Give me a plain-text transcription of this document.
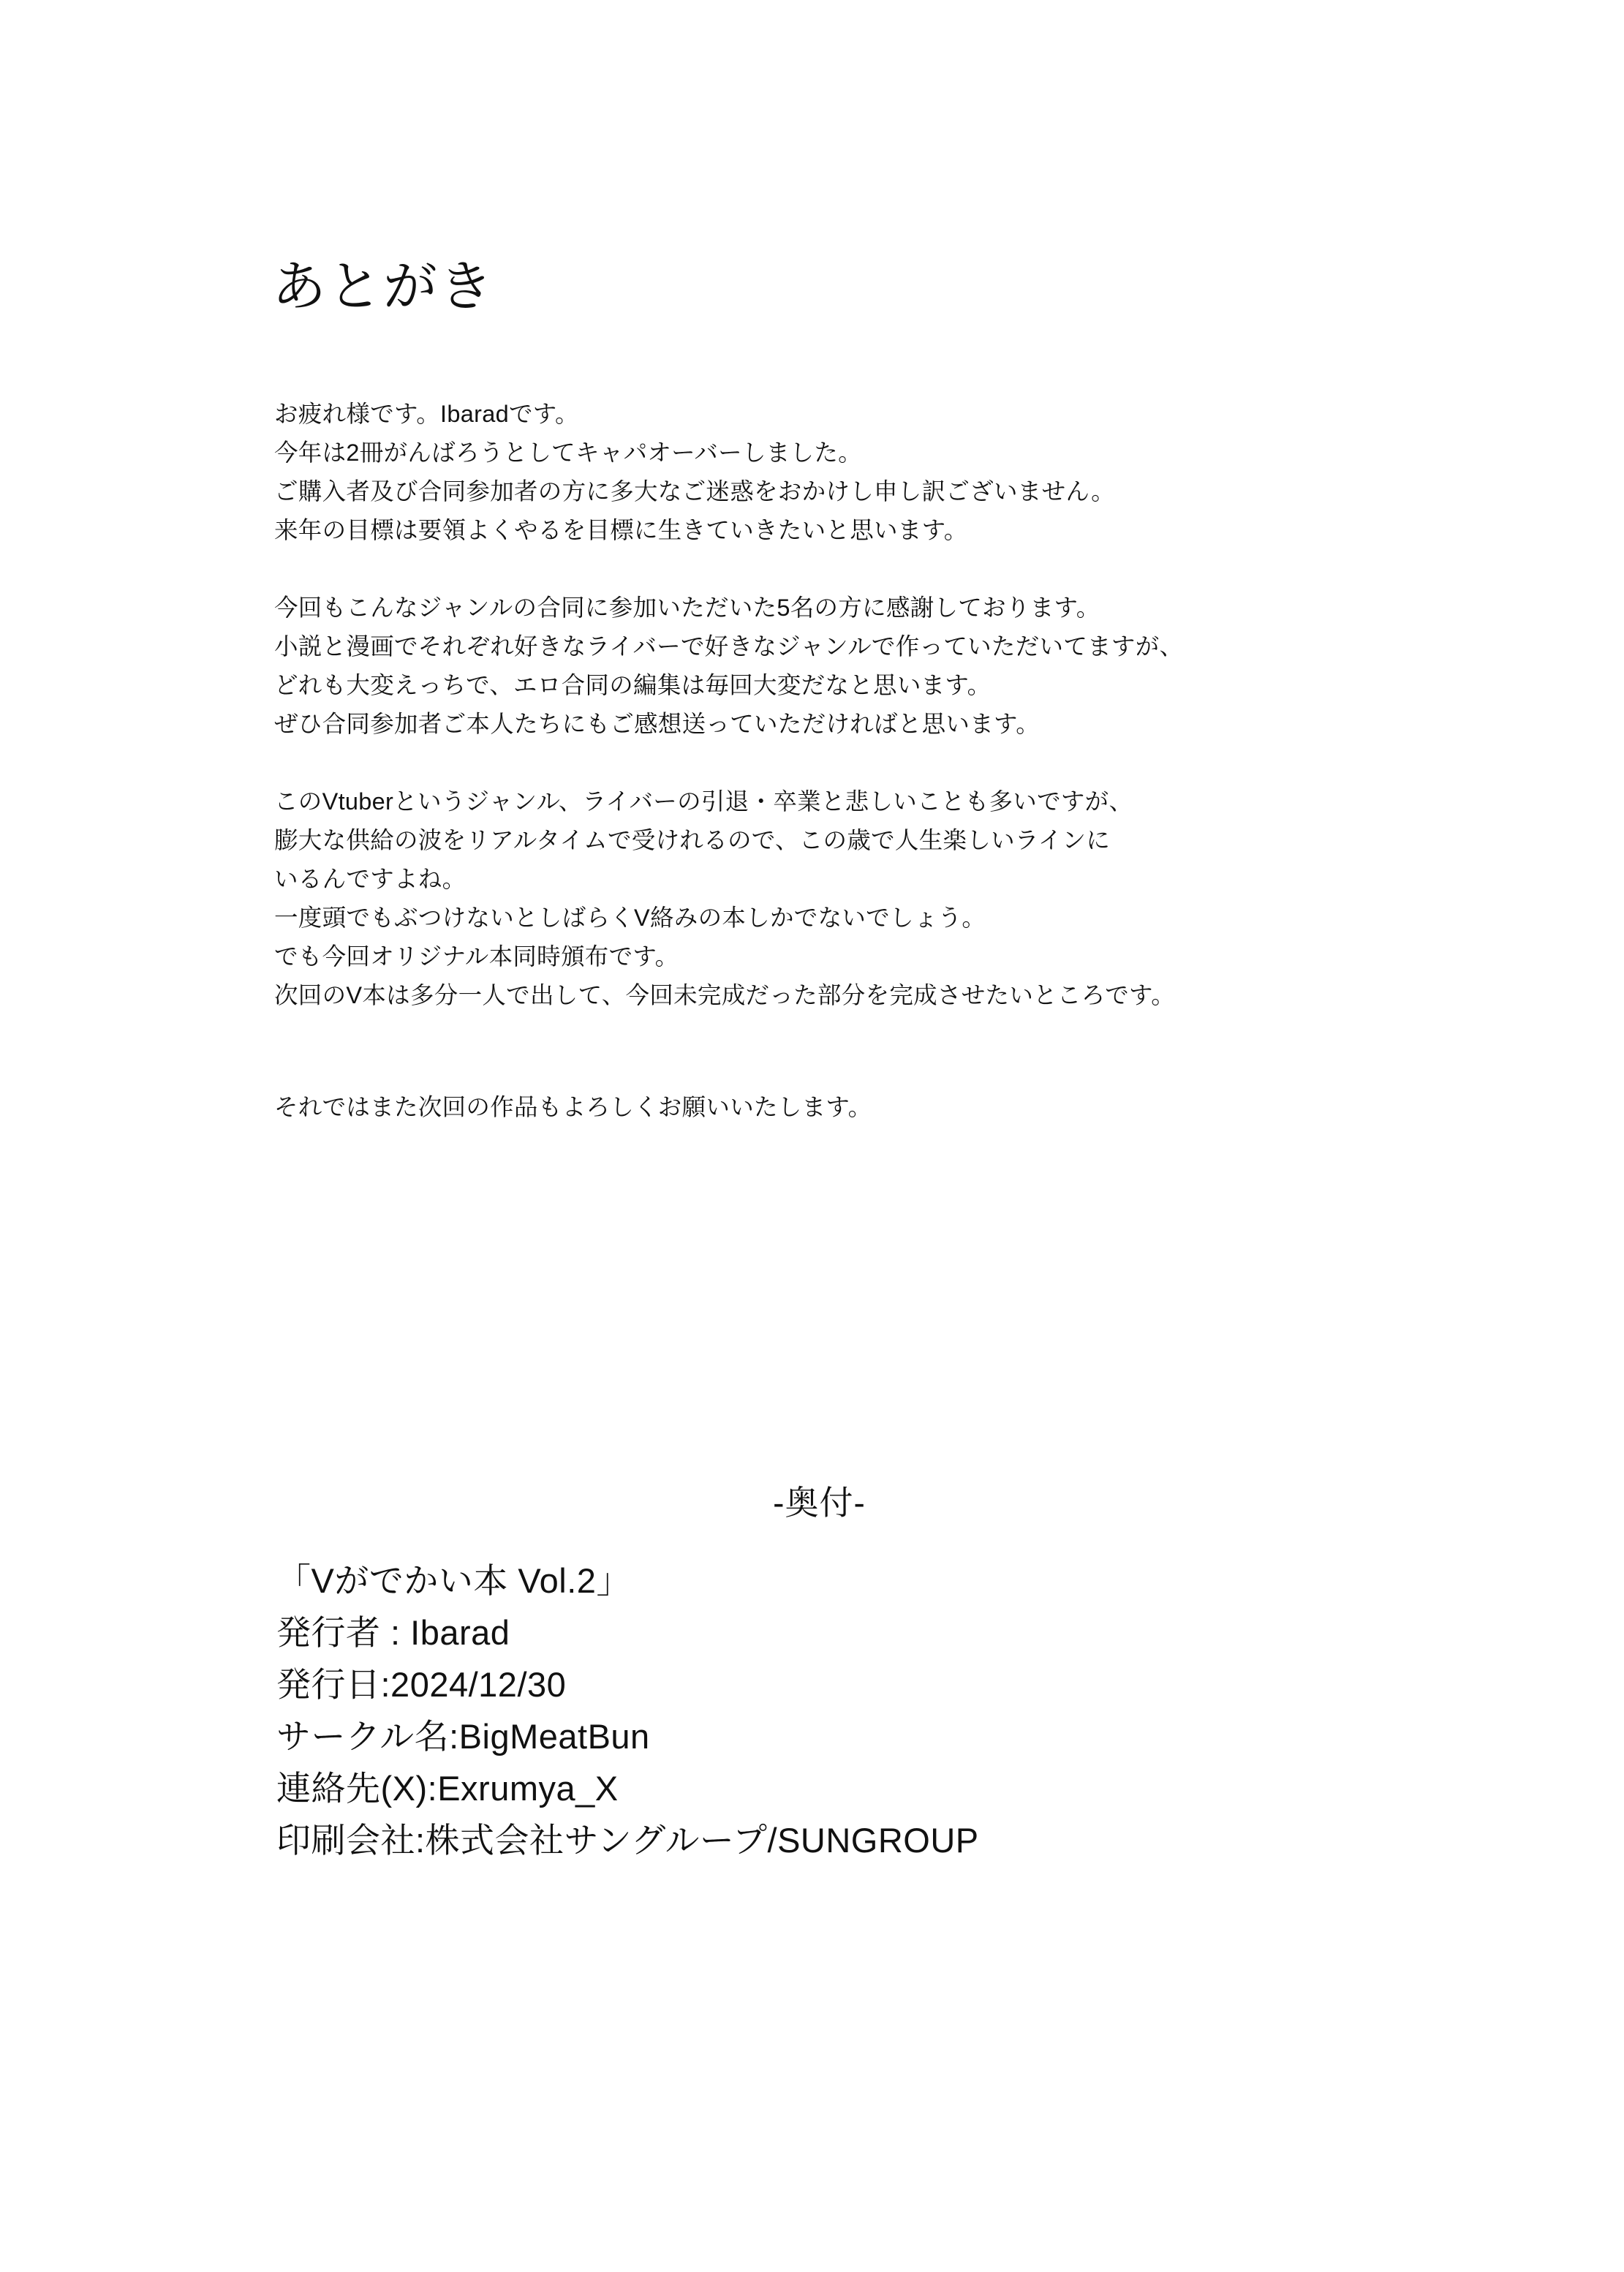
あとがき

お疲れ様です。Ibaradです。

今年は2冊がんばろうとしてキャパオーバーしました。

ご購入者及び合同参加者の方に多大なご迷惑をおかけし申し訳ございません。

来年の目標は要領よくやるを目標に生きていきたいと思います。

今回もこんなジャンルの合同に参加いただいた5名の方に感謝しております。

小説と漫画でそれぞれ好きなライバーで好きなジャンルで作っていただいてますが、

どれも大変えっちで、エロ合同の編集は毎回大変だなと思います。

ぜひ合同参加者ご本人たちにもご感想送っていただければと思います。

このVtuberというジャンル、ライバーの引退・卒業と悲しいことも多いですが、

膨大な供給の波をリアルタイムで受けれるので、この歳で人生楽しいラインに

いるんですよね。

一度頭でもぶつけないとしばらくV絡みの本しかでないでしょう。

でも今回オリジナル本同時頒布です。

次回のV本は多分一人で出して、今回未完成だった部分を完成させたいところです。

それではまた次回の作品もよろしくお願いいたします。

-奥付-
「Vがでかい本 Vol.2」
発行者 : Ibarad
発行日:2024/12/30
サークル名:BigMeatBun
連絡先(X):Exrumya_X
印刷会社:株式会社サングループ/SUNGROUP
